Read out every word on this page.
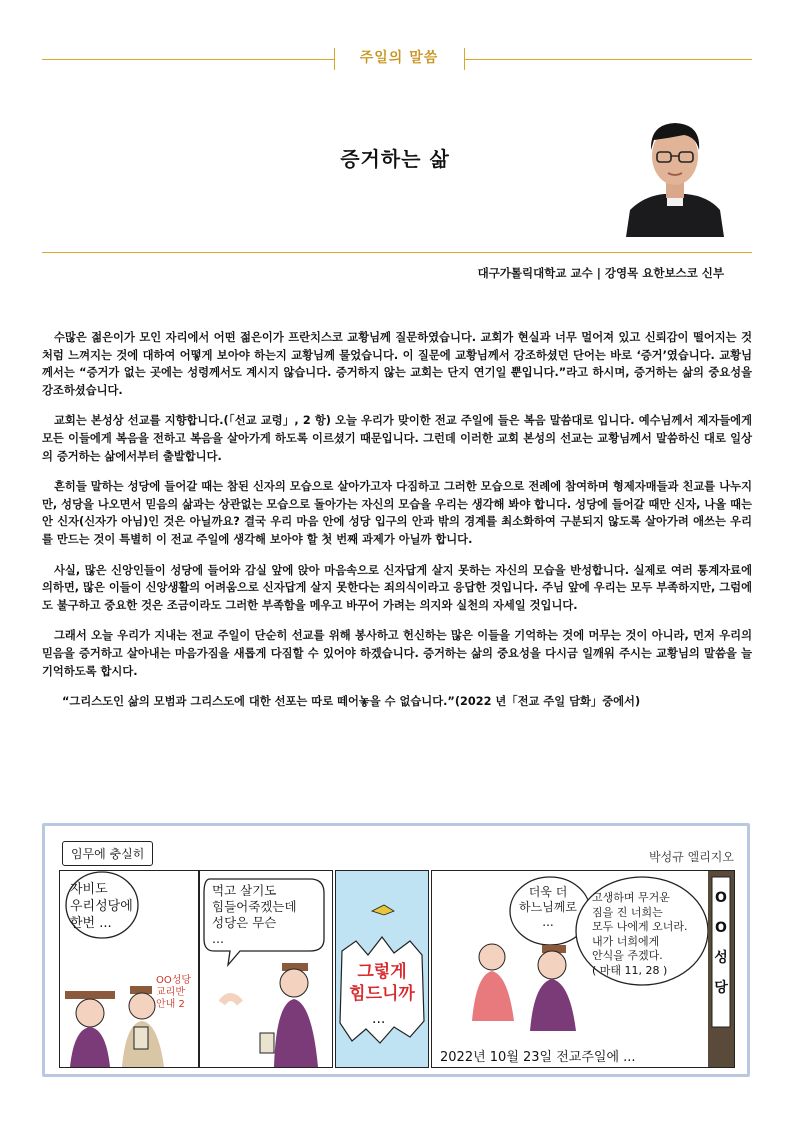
주일의 말씀
증거하는 삶
대구가톨릭대학교 교수 | 강영목 요한보스코 신부

수많은 젊은이가 모인 자리에서 어떤 젊은이가 프란치스코 교황님께 질문하였습니다. 교회가 현실과 너무 멀어져 있고 신뢰감이 떨어지는 것처럼 느껴지는 것에 대하여 어떻게 보아야 하는지 교황님께 물었습니다. 이 질문에 교황님께서 강조하셨던 단어는 바로 ‘증거’였습니다. 교황님께서는 “증거가 없는 곳에는 성령께서도 계시지 않습니다. 증거하지 않는 교회는 단지 연기일 뿐입니다.”라고 하시며, 증거하는 삶의 중요성을 강조하셨습니다.

교회는 본성상 선교를 지향합니다.(「선교 교령」, 2 항) 오늘 우리가 맞이한 전교 주일에 들은 복음 말씀대로 입니다. 예수님께서 제자들에게 모든 이들에게 복음을 전하고 복음을 살아가게 하도록 이르셨기 때문입니다. 그런데 이러한 교회 본성의 선교는 교황님께서 말씀하신 대로 일상의 증거하는 삶에서부터 출발합니다.

흔히들 말하는 성당에 들어갈 때는 참된 신자의 모습으로 살아가고자 다짐하고 그러한 모습으로 전례에 참여하며 형제자매들과 친교를 나누지만, 성당을 나오면서 믿음의 삶과는 상관없는 모습으로 돌아가는 자신의 모습을 우리는 생각해 봐야 합니다. 성당에 들어갈 때만 신자, 나올 때는 안 신자(신자가 아님)인 것은 아닐까요? 결국 우리 마음 안에 성당 입구의 안과 밖의 경계를 최소화하여 구분되지 않도록 살아가려 애쓰는 우리를 만드는 것이 특별히 이 전교 주일에 생각해 보아야 할 첫 번째 과제가 아닐까 합니다.

사실, 많은 신앙인들이 성당에 들어와 감실 앞에 앉아 마음속으로 신자답게 살지 못하는 자신의 모습을 반성합니다. 실제로 여러 통계자료에 의하면, 많은 이들이 신앙생활의 어려움으로 신자답게 살지 못한다는 죄의식이라고 응답한 것입니다. 주님 앞에 우리는 모두 부족하지만, 그럼에도 불구하고 중요한 것은 조금이라도 그러한 부족함을 메우고 바꾸어 가려는 의지와 실천의 자세일 것입니다.

그래서 오늘 우리가 지내는 전교 주일이 단순히 선교를 위해 봉사하고 헌신하는 많은 이들을 기억하는 것에 머무는 것이 아니라, 먼저 우리의 믿음을 증거하고 살아내는 마음가짐을 새롭게 다짐할 수 있어야 하겠습니다. 증거하는 삶의 중요성을 다시금 일깨워 주시는 교황님의 말씀을 늘 기억하도록 합시다.

“그리스도인 삶의 모범과 그리스도에 대한 선포는 따로 떼어놓을 수 없습니다.”(2022 년「전교 주일 담화」중에서)

임무에 충실히	박성규 엘리지오
자비도
우리성당에
한번 ...
OO성당
교리반
안내 2
먹고 살기도
힘들어죽겠는데
성당은 무슨
...
그렇게
힘드니까
...
더욱 더
하느님께로
...
고생하며 무거운
짐을 진 너희는
모두 나에게 오너라.
내가 너희에게
안식을 주겠다.
( 마태 11, 28 )
O
O
성
당
2022년 10월 23일 전교주일에 ...
